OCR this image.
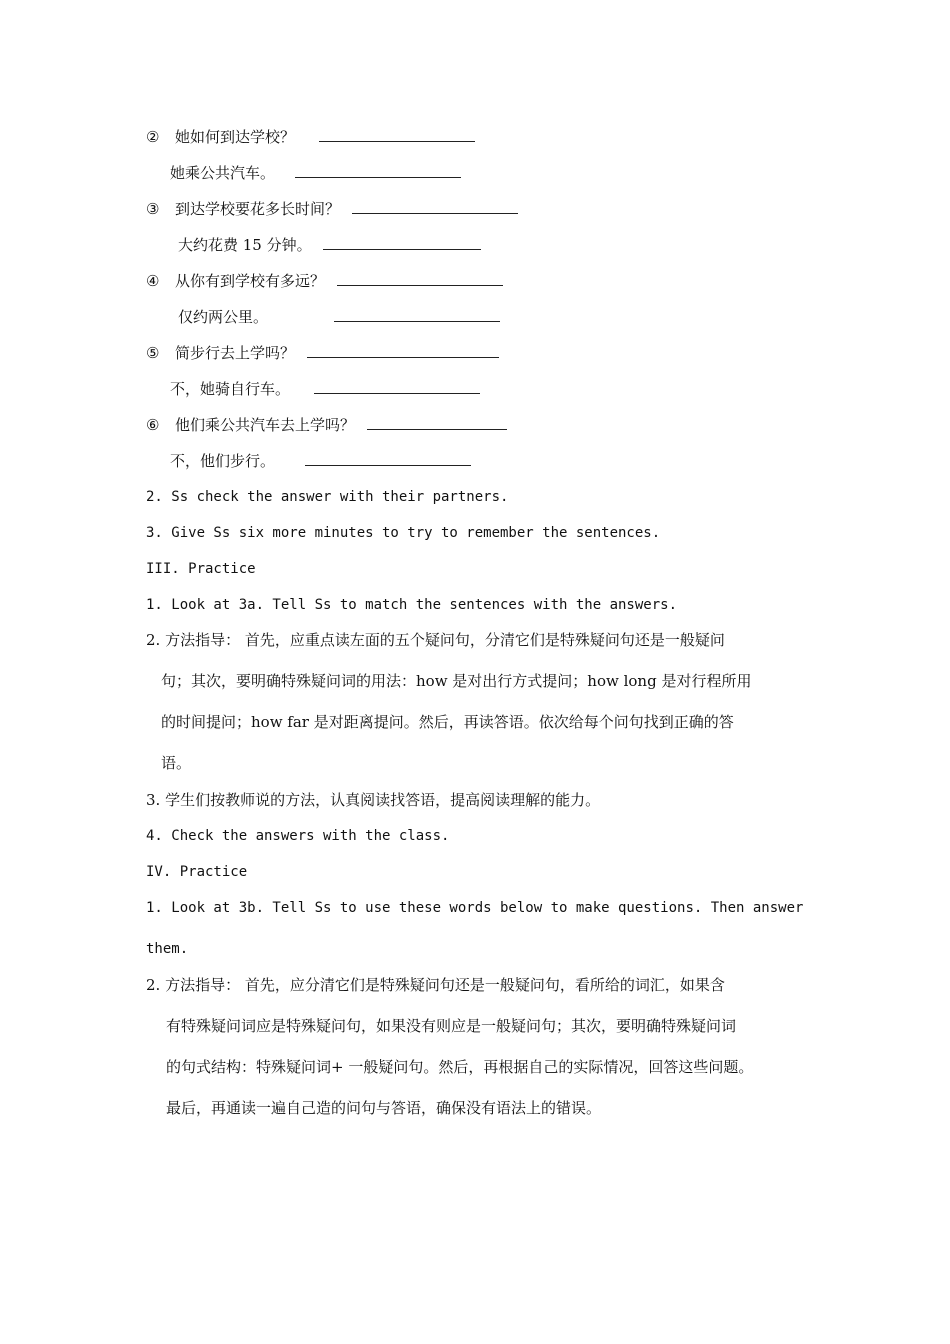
② 她如何到达学校？
她乘公共汽车。
③ 到达学校要花多长时间？
大约花费 15 分钟。
④ 从你有到学校有多远？
仅约两公里。
⑤ 简步行去上学吗？
不，她骑自行车。
⑥ 他们乘公共汽车去上学吗？
不，他们步行。
2. Ss check the answer with their partners.
3. Give Ss six more minutes to try to remember the sentences.
III. Practice
1. Look at 3a. Tell Ss to match the sentences with the answers.
2. 方法指导： 首先，应重点读左面的五个疑问句，分清它们是特殊疑问句还是一般疑问
句；其次，要明确特殊疑问词的用法：how 是对出行方式提问；how long 是对行程所用
的时间提问；how far 是对距离提问。然后，再读答语。依次给每个问句找到正确的答
语。
3. 学生们按教师说的方法，认真阅读找答语，提高阅读理解的能力。
4. Check the answers with the class.
IV. Practice
1. Look at 3b. Tell Ss to use these words below to make questions. Then answer
them.
2. 方法指导： 首先，应分清它们是特殊疑问句还是一般疑问句，看所给的词汇，如果含
有特殊疑问词应是特殊疑问句，如果没有则应是一般疑问句；其次，要明确特殊疑问词
的句式结构：特殊疑问词+ 一般疑问句。然后，再根据自己的实际情况，回答这些问题。
最后，再通读一遍自己造的问句与答语，确保没有语法上的错误。
